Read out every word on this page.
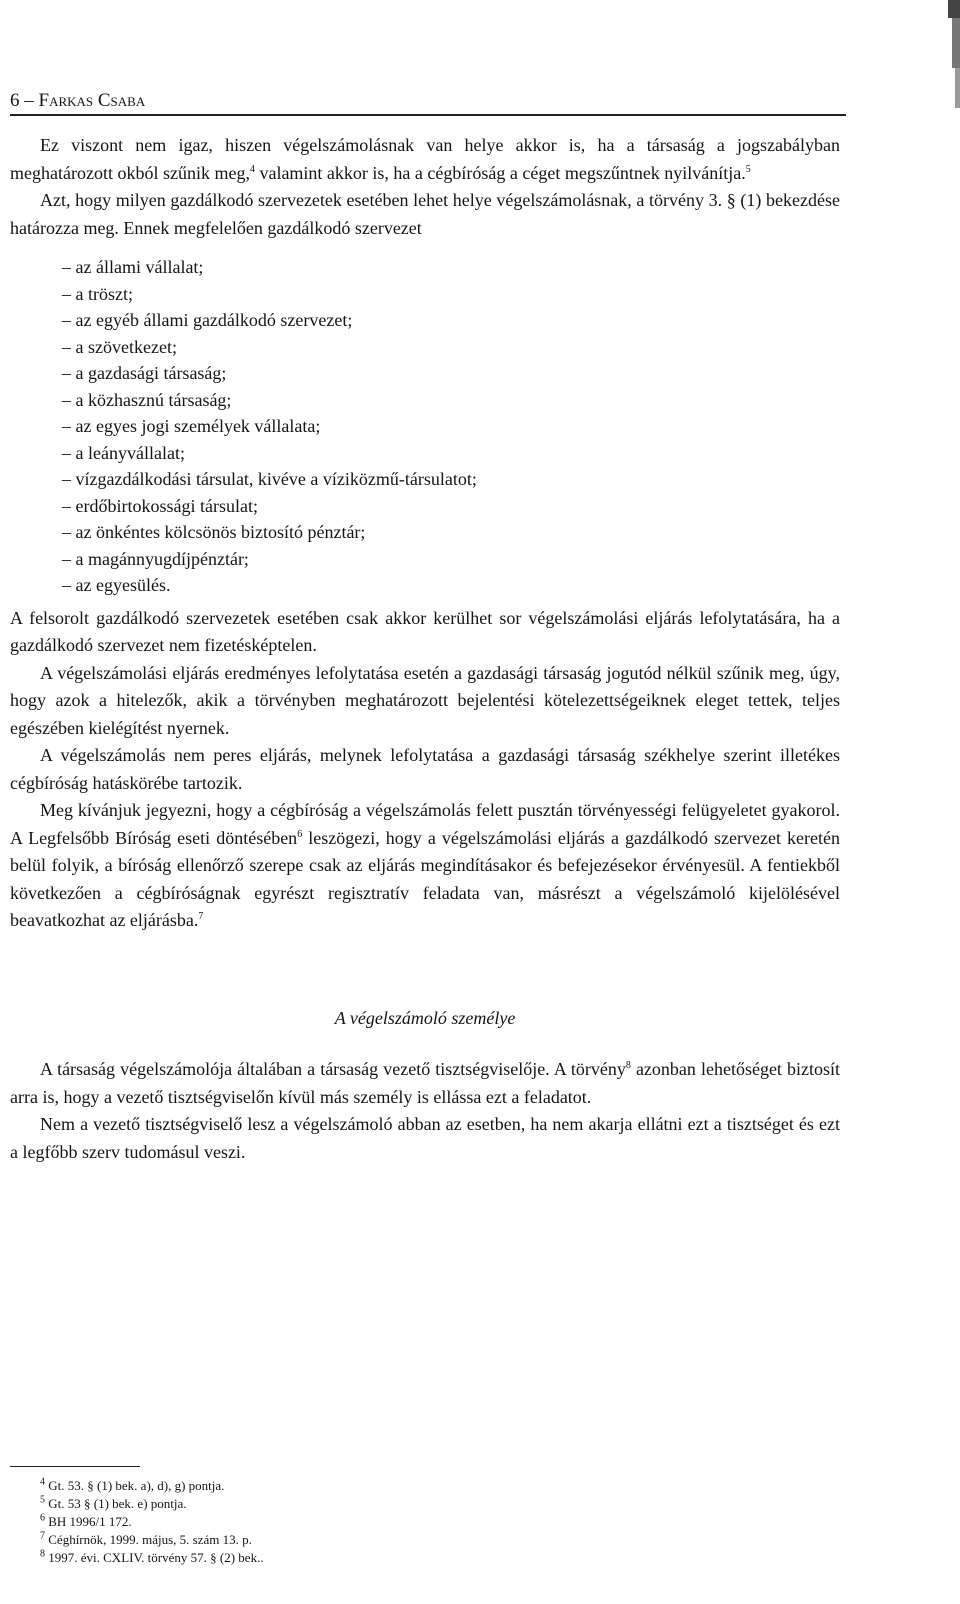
6 – Farkas Csaba

Ez viszont nem igaz, hiszen végelszámolásnak van helye akkor is, ha a társaság a jogszabályban meghatározott okból szűnik meg,$^4$ valamint akkor is, ha a cégbíróság a céget megszűntnek nyilvánítja.$^5$

Azt, hogy milyen gazdálkodó szervezetek esetében lehet helye végelszámolásnak, a törvény 3. § (1) bekezdése határozza meg. Ennek megfelelően gazdálkodó szervezet

– az állami vállalat;
– a tröszt;
– az egyéb állami gazdálkodó szervezet;
– a szövetkezet;
– a gazdasági társaság;
– a közhasznú társaság;
– az egyes jogi személyek vállalata;
– a leányvállalat;
– vízgazdálkodási társulat, kivéve a víziközmű-társulatot;
– erdőbirtokossági társulat;
– az önkéntes kölcsönös biztosító pénztár;
– a magánnyugdíjpénztár;
– az egyesülés.

A felsorolt gazdálkodó szervezetek esetében csak akkor kerülhet sor végelszámolási eljárás lefolytatására, ha a gazdálkodó szervezet nem fizetésképtelen.

A végelszámolási eljárás eredményes lefolytatása esetén a gazdasági társaság jogutód nélkül szűnik meg, úgy, hogy azok a hitelezők, akik a törvényben meghatározott bejelentési kötelezettségeiknek eleget tettek, teljes egészében kielégítést nyernek.

A végelszámolás nem peres eljárás, melynek lefolytatása a gazdasági társaság székhelye szerint illetékes cégbíróság hatáskörébe tartozik.

Meg kívánjuk jegyezni, hogy a cégbíróság a végelszámolás felett pusztán törvényességi felügyeletet gyakorol. A Legfelsőbb Bíróság eseti döntésében$^6$ leszögezi, hogy a végelszámolási eljárás a gazdálkodó szervezet keretén belül folyik, a bíróság ellenőrző szerepe csak az eljárás megindításakor és befejezésekor érvényesül. A fentiekből következően a cégbíróságnak egyrészt regisztratív feladata van, másrészt a végelszámoló kijelölésével beavatkozhat az eljárásba.$^7$

A végelszámoló személye

A társaság végelszámolója általában a társaság vezető tisztségviselője. A törvény$^8$ azonban lehetőséget biztosít arra is, hogy a vezető tisztségviselőn kívül más személy is ellássa ezt a feladatot.

Nem a vezető tisztségviselő lesz a végelszámoló abban az esetben, ha nem akarja ellátni ezt a tisztséget és ezt a legfőbb szerv tudomásul veszi.

$^4$ Gt. 53. § (1) bek. a), d), g) pontja.
$^5$ Gt. 53 § (1) bek. e) pontja.
$^6$ BH 1996/1 172.
$^7$ Céghírnök, 1999. május, 5. szám 13. p.
$^8$ 1997. évi. CXLIV. törvény 57. § (2) bek..
